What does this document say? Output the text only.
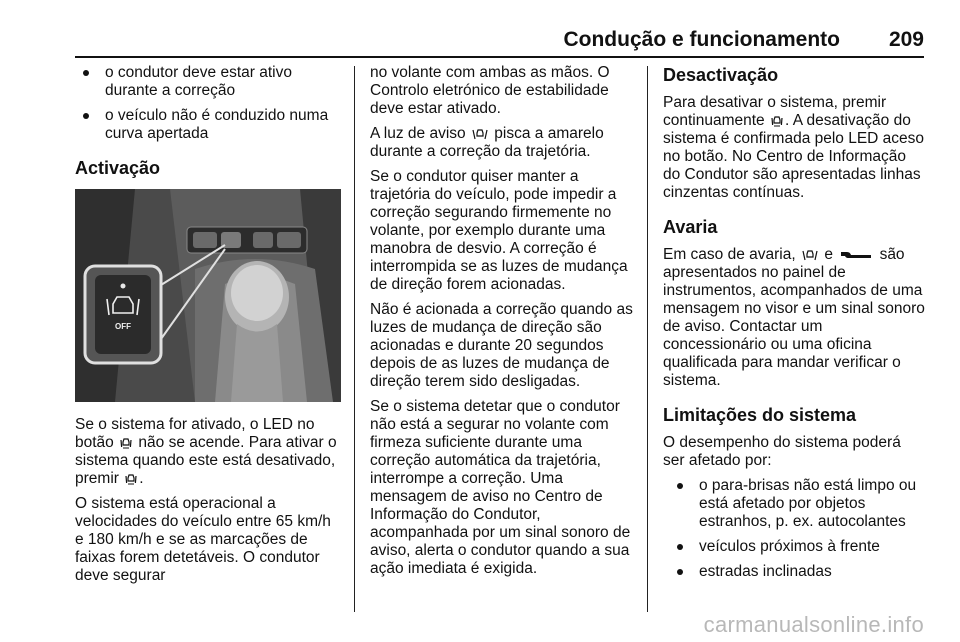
Condução e funcionamento 209
o condutor deve estar ativo durante a correção
o veículo não é conduzido numa curva apertada
Activação
OFF

Se o sistema for ativado, o LED no botão não se acende. Para ativar o sistema quando este está desativado, premir .

O sistema está operacional a velocidades do veículo entre 65 km/h e 180 km/h e se as marcações de faixas forem detetáveis. O condutor deve segurar

no volante com ambas as mãos. O Controlo eletrónico de estabilidade deve estar ativado.

A luz de aviso pisca a amarelo durante a correção da trajetória.

Se o condutor quiser manter a trajetória do veículo, pode impedir a correção segurando firmemente no volante, por exemplo durante uma manobra de desvio. A correção é interrompida se as luzes de mudança de direção forem acionadas.

Não é acionada a correção quando as luzes de mudança de direção são acionadas e durante 20 segundos depois de as luzes de mudança de direção terem sido desligadas.

Se o sistema detetar que o condutor não está a segurar no volante com firmeza suficiente durante uma correção automática da trajetória, interrompe a correção. Uma mensagem de aviso no Centro de Informação do Condutor, acompanhada por um sinal sonoro de aviso, alerta o condutor quando a sua ação imediata é exigida.

Desactivação

Para desativar o sistema, premir continuamente . A desativação do sistema é confirmada pelo LED aceso no botão. No Centro de Informação do Condutor são apresentadas linhas cinzentas contínuas.

Avaria

Em caso de avaria, e	são apresentados no painel de instrumentos, acompanhados de uma mensagem no visor e um sinal sonoro de aviso. Contactar um concessionário ou uma oficina qualificada para mandar verificar o sistema.

Limitações do sistema

O desempenho do sistema poderá ser afetado por:

o para-brisas não está limpo ou está afetado por objetos estranhos, p. ex. autocolantes
veículos próximos à frente
estradas inclinadas
carmanualsonline.info
